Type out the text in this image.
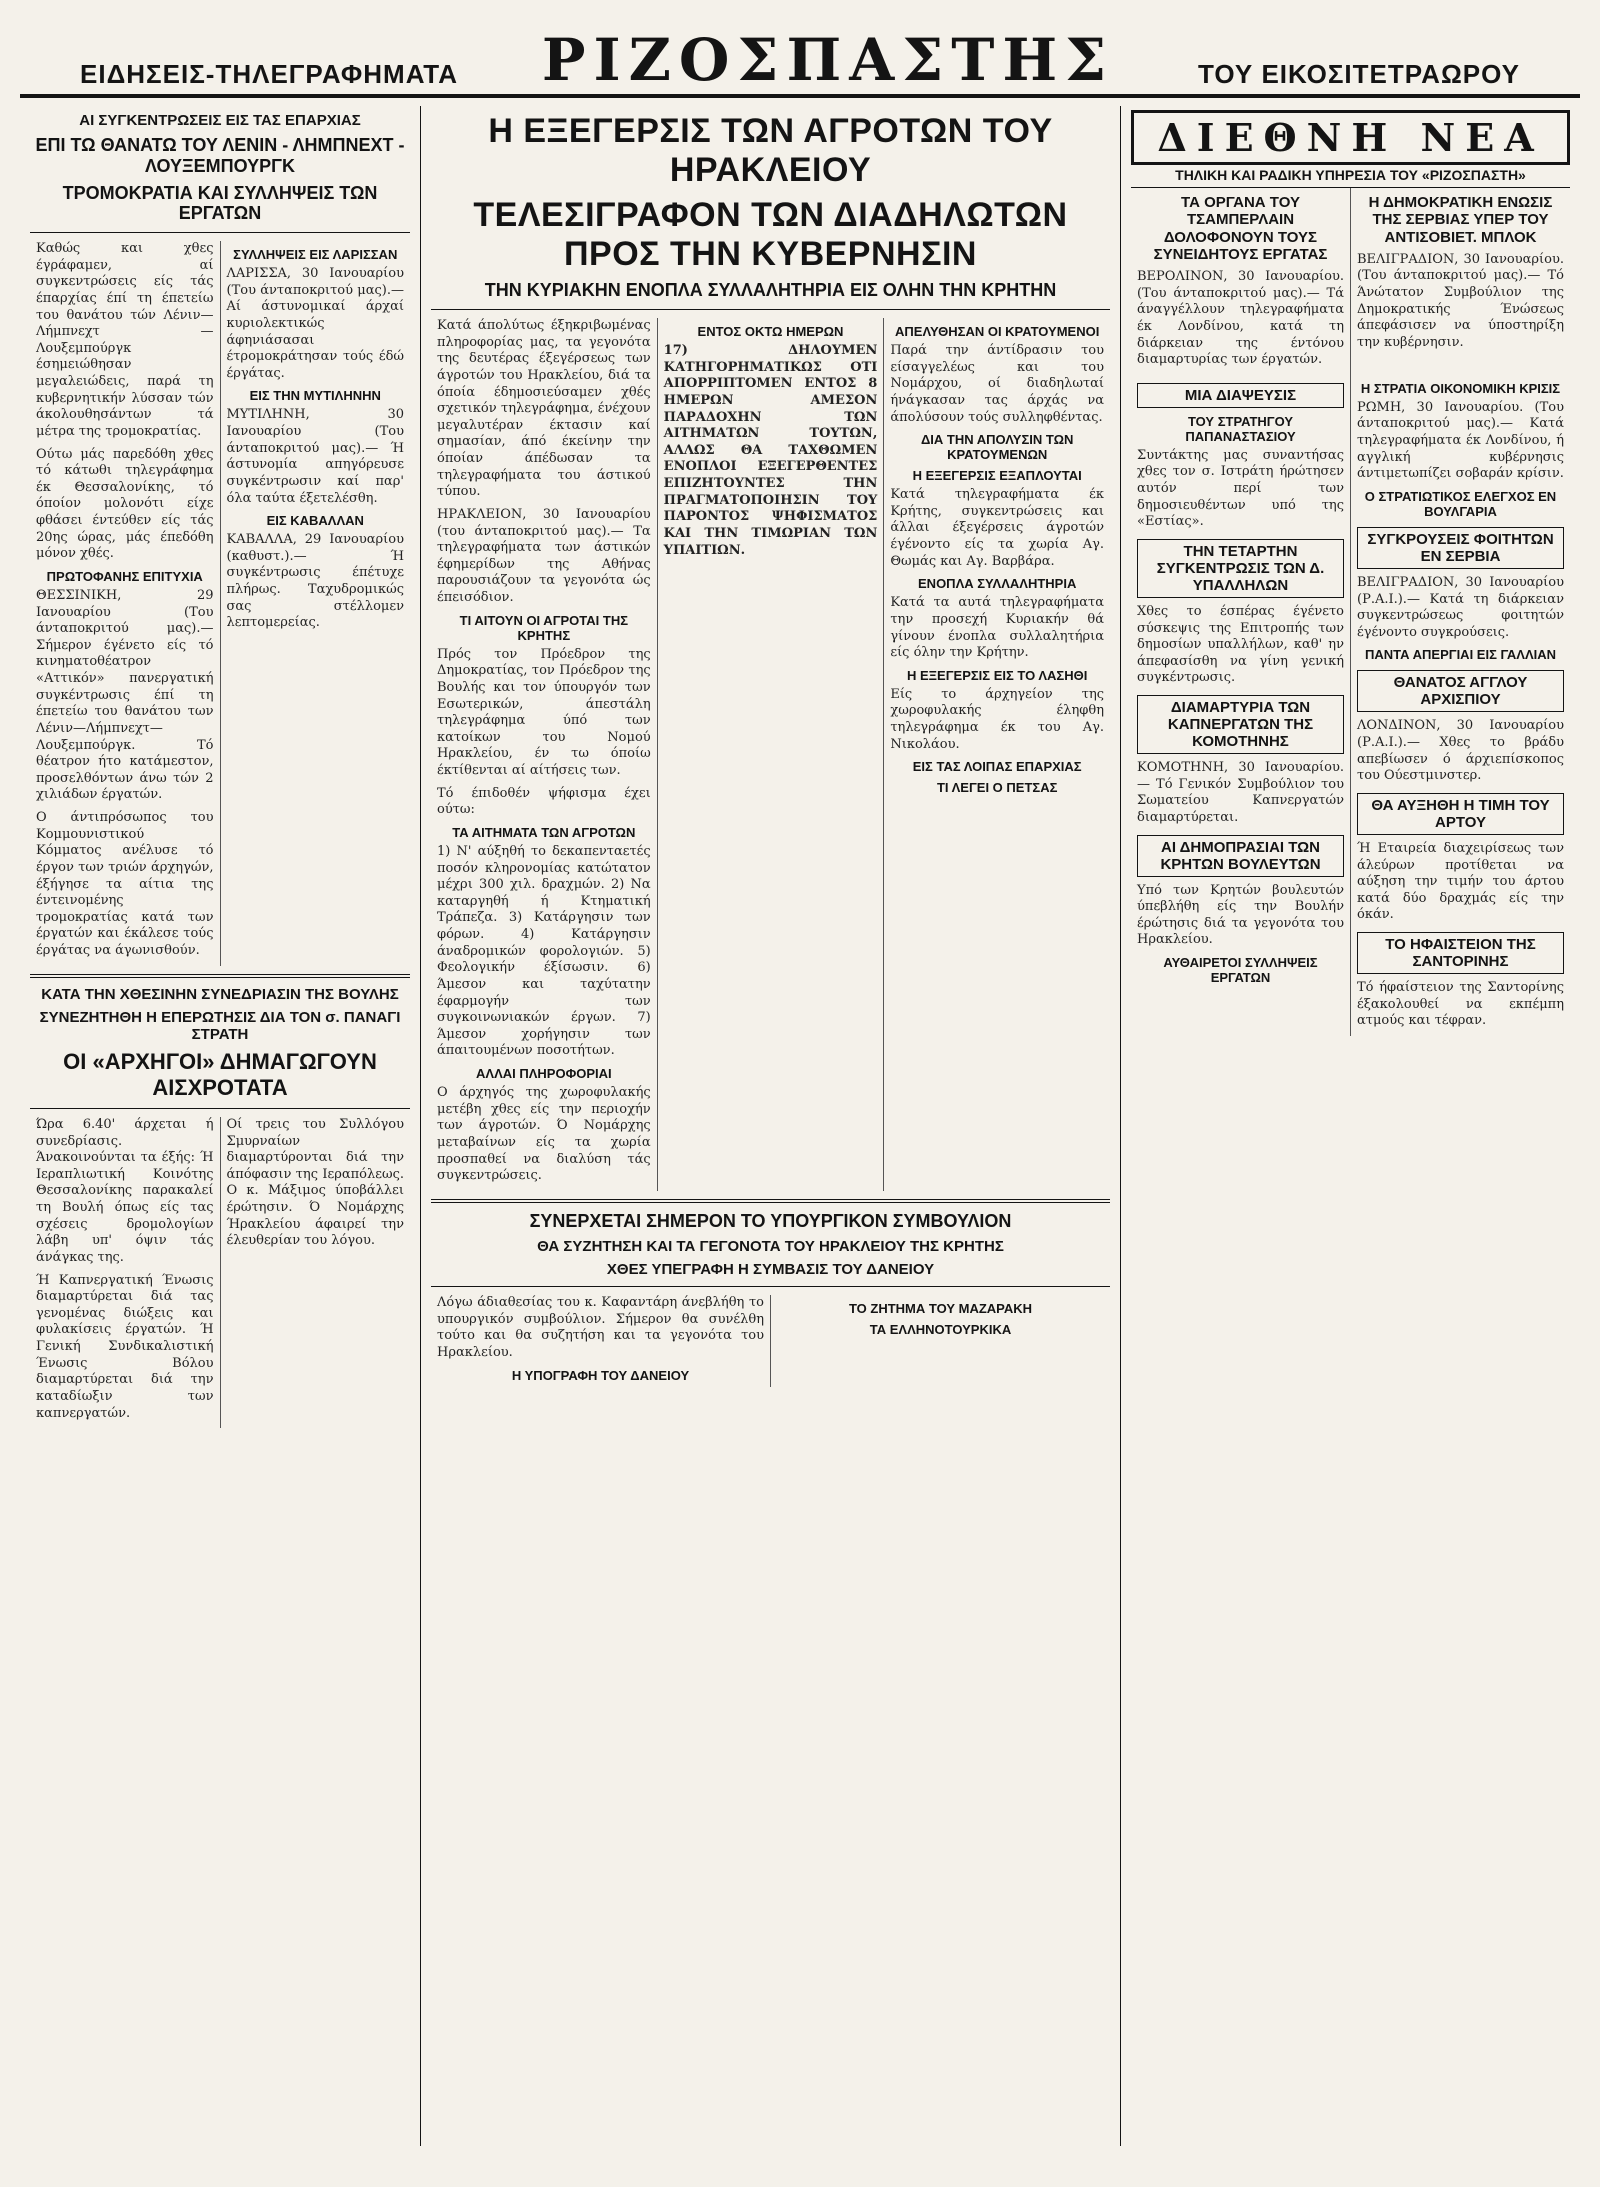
ΕΙΔΗΣΕΙΣ-ΤΗΛΕΓΡΑΦΗΜΑΤΑ ΡΙΖΟΣΠΑΣΤΗΣ	ΤΟΥ ΕΙΚΟΣΙΤΕΤΡΑΩΡΟΥ
ΑΙ ΣΥΓΚΕΝΤΡΩΣΕΙΣ ΕΙΣ ΤΑΣ ΕΠΑΡΧΙΑΣ
ΕΠΙ ΤΩ ΘΑΝΑΤΩ ΤΟΥ ΛΕΝΙΝ - ΛΗΜΠΝΕΧΤ - ΛΟΥΞΕΜΠΟΥΡΓΚ
ΤΡΟΜΟΚΡΑΤΙΑ ΚΑΙ ΣΥΛΛΗΨΕΙΣ ΤΩΝ ΕΡΓΑΤΩΝ

Καθώς και χθες έγράφαμεν, αί συγκεντρώσεις είς τάς έπαρχίας έπί τη έπετείω του θανάτου τών Λένιν—Λήμπνεχτ — Λουξεμπούργκ έσημειώθησαν μεγαλειώδεις, παρά τη κυβερνητικήν λύσσαν τών άκολουθησάντων τά μέτρα της τρομοκρατίας.

Ούτω μάς παρεδόθη χθες τό κάτωθι τηλεγράφημα έκ Θεσσαλονίκης, τό όποίον μολονότι είχε φθάσει έντεύθεν είς τάς 20ης ώρας, μάς έπεδόθη μόνον χθές.

ΠΡΩΤΟΦΑΝΗΣ ΕΠΙΤΥΧΙΑ

ΘΕΣΣΙΝΙΚΗ, 29 Ιανουαρίου (Του άνταποκριτού μας).— Σήμερον έγένετο είς τό κινηματοθέατρον «Αττικόν» πανεργατική συγκέντρωσις έπί τη έπετείω του θανάτου των Λένιν—Λήμπνεχτ—Λουξεμπούργκ. Τό θέατρον ήτο κατάμεστον, προσελθόντων άνω τών 2 χιλιάδων έργατών.

Ο άντιπρόσωπος του Κομμουνιστικού Κόμματος ανέλυσε τό έργον των τριών άρχηγών, έξήγησε τα αίτια της έντεινομένης τρομοκρατίας κατά των έργατών και έκάλεσε τούς έργάτας να άγωνισθούν.

ΣΥΛΛΗΨΕΙΣ ΕΙΣ ΛΑΡΙΣΣΑΝ

ΛΑΡΙΣΣΑ, 30 Ιανουαρίου (Του άνταποκριτού μας).— Αί άστυνομικαί άρχαί κυριολεκτικώς άφηνιάσασαι έτρομοκράτησαν τούς έδώ έργάτας.

ΕΙΣ ΤΗΝ ΜΥΤΙΛΗΝΗΝ

ΜΥΤΙΛΗΝΗ, 30 Ιανουαρίου (Του άνταποκριτού μας).— Ή άστυνομία απηγόρευσε συγκέντρωσιν καί παρ' όλα ταύτα έξετελέσθη.

ΕΙΣ ΚΑΒΑΛΛΑΝ

ΚΑΒΑΛΛΑ, 29 Ιανουαρίου (καθυστ.).— Ή συγκέντρωσις έπέτυχε πλήρως. Ταχυδρομικώς σας στέλλομεν λεπτομερείας.

ΚΑΤΑ ΤΗΝ ΧΘΕΣΙΝΗΝ ΣΥΝΕΔΡΙΑΣΙΝ ΤΗΣ ΒΟΥΛΗΣ
ΣΥΝΕΖΗΤΗΘΗ Η ΕΠΕΡΩΤΗΣΙΣ ΔΙΑ ΤΟΝ σ. ΠΑΝΑΓΙ ΣΤΡΑΤΗ
ΟΙ «ΑΡΧΗΓΟΙ» ΔΗΜΑΓΩΓΟΥΝ ΑΙΣΧΡΟΤΑΤΑ

Ώρα 6.40' άρχεται ή συνεδρίασις. Άνακοινούνται τα έξής: Ή Ιεραπλιωτική Κοινότης Θεσσαλονίκης παρακαλεί τη Βουλή όπως είς τας σχέσεις δρομολογίων λάβη υπ' όψιν τάς άνάγκας της.

Ή Καπνεργατική Ένωσις διαμαρτύρεται διά τας γενομένας διώξεις και φυλακίσεις έργατών. Ή Γενική Συνδικαλιστική Ένωσις Βόλου διαμαρτύρεται διά την καταδίωξιν των καπνεργατών.

Οί τρεις του Συλλόγου Σμυρναίων διαμαρτύρονται διά την άπόφασιν της Ιεραπόλεως. Ο κ. Μάξιμος ύποβάλλει έρώτησιν. Ό Νομάρχης Ήρακλείου άφαιρεί την έλευθερίαν του λόγου.

Η ΕΞΕΓΕΡΣΙΣ ΤΩΝ ΑΓΡΟΤΩΝ ΤΟΥ ΗΡΑΚΛΕΙΟΥ
ΤΕΛΕΣΙΓΡΑΦΟΝ ΤΩΝ ΔΙΑΔΗΛΩΤΩΝ ΠΡΟΣ ΤΗΝ ΚΥΒΕΡΝΗΣΙΝ
ΤΗΝ ΚΥΡΙΑΚΗΝ ΕΝΟΠΛΑ ΣΥΛΛΑΛΗΤΗΡΙΑ ΕΙΣ ΟΛΗΝ ΤΗΝ ΚΡΗΤΗΝ

Κατά άπολύτως έξηκριβωμένας πληροφορίας μας, τα γεγονότα της δευτέρας έξεγέρσεως των άγροτών του Ηρακλείου, διά τα όποία έδημοσιεύσαμεν χθές σχετικόν τηλεγράφημα, ένέχουν μεγαλυτέραν έκτασιν καί σημασίαν, άπό έκείνην την όποίαν άπέδωσαν τα τηλεγραφήματα του άστικού τύπου.

ΗΡΑΚΛΕΙΟΝ, 30 Ιανουαρίου (του άνταποκριτού μας).— Τα τηλεγραφήματα των άστικών έφημερίδων της Αθήνας παρουσιάζουν τα γεγονότα ώς έπεισόδιον.

ΤΙ ΑΙΤΟΥΝ ΟΙ ΑΓΡΟΤΑΙ ΤΗΣ ΚΡΗΤΗΣ

Πρός τον Πρόεδρον της Δημοκρατίας, τον Πρόεδρον της Βουλής και τον ύπουργόν των Εσωτερικών, άπεστάλη τηλεγράφημα ύπό των κατοίκων του Νομού Ηρακλείου, έν τω όποίω έκτίθενται αί αίτήσεις των.

Τό έπιδοθέν ψήφισμα έχει ούτω:

ΤΑ ΑΙΤΗΜΑΤΑ ΤΩΝ ΑΓΡΟΤΩΝ

1) Ν' αύξηθή το δεκαπενταετές ποσόν κληρονομίας κατώτατον μέχρι 300 χιλ. δραχμών. 2) Να καταργηθή ή Κτηματική Τράπεζα. 3) Κατάργησιν των φόρων. 4) Κατάργησιν άναδρομικών φορολογιών. 5) Φεολογικήν έξίσωσιν. 6) Άμεσον και ταχύτατην έφαρμογήν των συγκοινωνιακών έργων. 7) Άμεσον χορήγησιν των άπαιτουμένων ποσοτήτων.

ΑΛΛΑΙ ΠΛΗΡΟΦΟΡΙΑΙ

Ο άρχηγός της χωροφυλακής μετέβη χθες είς την περιοχήν των άγροτών. Ό Νομάρχης μεταβαίνων είς τα χωρία προσπαθεί να διαλύση τάς συγκεντρώσεις.

ΕΝΤΟΣ ΟΚΤΩ ΗΜΕΡΩΝ

17) ΔΗΛΟΥΜΕΝ ΚΑΤΗΓΟΡΗΜΑΤΙΚΩΣ ΟΤΙ ΑΠΟΡΡΙΠΤΟΜΕΝ ΕΝΤΟΣ 8 ΗΜΕΡΩΝ ΑΜΕΣΟΝ ΠΑΡΑΔΟΧΗΝ ΤΩΝ ΑΙΤΗΜΑΤΩΝ ΤΟΥΤΩΝ, ΑΛΛΩΣ ΘΑ ΤΑΧΘΩΜΕΝ ΕΝΟΠΛΟΙ ΕΞΕΓΕΡΘΕΝΤΕΣ ΕΠΙΖΗΤΟΥΝΤΕΣ ΤΗΝ ΠΡΑΓΜΑΤΟΠΟΙΗΣΙΝ ΤΟΥ ΠΑΡΟΝΤΟΣ ΨΗΦΙΣΜΑΤΟΣ ΚΑΙ ΤΗΝ ΤΙΜΩΡΙΑΝ ΤΩΝ ΥΠΑΙΤΙΩΝ.

ΑΠΕΛΥΘΗΣΑΝ ΟΙ ΚΡΑΤΟΥΜΕΝΟΙ

Παρά την άντίδρασιν του είσαγγελέως και του Νομάρχου, οί διαδηλωταί ήνάγκασαν τας άρχάς να άπολύσουν τούς συλληφθέντας.

ΔΙΑ ΤΗΝ ΑΠΟΛΥΣΙΝ ΤΩΝ ΚΡΑΤΟΥΜΕΝΩΝ
Η ΕΞΕΓΕΡΣΙΣ ΕΞΑΠΛΟΥΤΑΙ

Κατά τηλεγραφήματα έκ Κρήτης, συγκεντρώσεις και άλλαι έξεγέρσεις άγροτών έγένοντο είς τα χωρία Αγ. Θωμάς και Αγ. Βαρβάρα.

ΕΝΟΠΛΑ ΣΥΛΛΑΛΗΤΗΡΙΑ

Κατά τα αυτά τηλεγραφήματα την προσεχή Κυριακήν θά γίνουν ένοπλα συλλαλητήρια είς όλην την Κρήτην.

Η ΕΞΕΓΕΡΣΙΣ ΕΙΣ ΤΟ ΛΑΣΗΘΙ

Είς το άρχηγείον της χωροφυλακής έληφθη τηλεγράφημα έκ του Αγ. Νικολάου.

ΕΙΣ ΤΑΣ ΛΟΙΠΑΣ ΕΠΑΡΧΙΑΣ
ΤΙ ΛΕΓΕΙ Ο ΠΕΤΣΑΣ
ΣΥΝΕΡΧΕΤΑΙ ΣΗΜΕΡΟΝ ΤΟ ΥΠΟΥΡΓΙΚΟΝ ΣΥΜΒΟΥΛΙΟΝ
ΘΑ ΣΥΖΗΤΗΣΗ ΚΑΙ ΤΑ ΓΕΓΟΝΟΤΑ ΤΟΥ ΗΡΑΚΛΕΙΟΥ ΤΗΣ ΚΡΗΤΗΣ
ΧΘΕΣ ΥΠΕΓΡΑΦΗ Η ΣΥΜΒΑΣΙΣ ΤΟΥ ΔΑΝΕΙΟΥ

Λόγω άδιαθεσίας του κ. Καφαντάρη άνεβλήθη το υπουργικόν συμβούλιον. Σήμερον θα συνέλθη τούτο και θα συζητήση και τα γεγονότα του Ηρακλείου.

Η ΥΠΟΓΡΑΦΗ ΤΟΥ ΔΑΝΕΙΟΥ
ΤΟ ΖΗΤΗΜΑ ΤΟΥ ΜΑΖΑΡΑΚΗ
ΤΑ ΕΛΛΗΝΟΤΟΥΡΚΙΚΑ
ΔΙΕΘΝΗ ΝΕΑ
ΤΗΛΙΚΗ ΚΑΙ ΡΑΔΙΚΗ ΥΠΗΡΕΣΙΑ ΤΟΥ «ΡΙΖΟΣΠΑΣΤΗ»
ΤΑ ΟΡΓΑΝΑ ΤΟΥ ΤΣΑΜΠΕΡΛΑΙΝ ΔΟΛΟΦΟΝΟΥΝ ΤΟΥΣ ΣΥΝΕΙΔΗΤΟΥΣ ΕΡΓΑΤΑΣ

ΒΕΡΟΛΙΝΟΝ, 30 Ιανουαρίου. (Του άνταποκριτού μας).— Τά άναγγέλλουν τηλεγραφήματα έκ Λονδίνου, κατά τη διάρκειαν της έντόνου διαμαρτυρίας των έργατών.

Η ΔΗΜΟΚΡΑΤΙΚΗ ΕΝΩΣΙΣ ΤΗΣ ΣΕΡΒΙΑΣ ΥΠΕΡ ΤΟΥ ΑΝΤΙΣΟΒΙΕΤ. ΜΠΛΟΚ

ΒΕΛΙΓΡΑΔΙΟΝ, 30 Ιανουαρίου. (Του άνταποκριτού μας).— Τό Άνώτατον Συμβούλιον της Δημοκρατικής Ένώσεως άπεφάσισεν να ύποστηρίξη την κυβέρνησιν.

ΜΙΑ ΔΙΑΨΕΥΣΙΣ
ΤΟΥ ΣΤΡΑΤΗΓΟΥ ΠΑΠΑΝΑΣΤΑΣΙΟΥ

Συντάκτης μας συναντήσας χθες τον σ. Ιστράτη ήρώτησεν αυτόν περί των δημοσιευθέντων υπό της «Εστίας».

ΤΗΝ ΤΕΤΑΡΤΗΝ ΣΥΓΚΕΝΤΡΩΣΙΣ ΤΩΝ Δ. ΥΠΑΛΛΗΛΩΝ

Χθες το έσπέρας έγένετο σύσκεψις της Επιτροπής των δημοσίων υπαλλήλων, καθ' ην άπεφασίσθη να γίνη γενική συγκέντρωσις.

ΔΙΑΜΑΡΤΥΡΙΑ ΤΩΝ ΚΑΠΝΕΡΓΑΤΩΝ ΤΗΣ ΚΟΜΟΤΗΝΗΣ

ΚΟΜΟΤΗΝΗ, 30 Ιανουαρίου.— Τό Γενικόν Συμβούλιον του Σωματείου Καπνεργατών διαμαρτύρεται.

ΑΙ ΔΗΜΟΠΡΑΣΙΑΙ ΤΩΝ ΚΡΗΤΩΝ ΒΟΥΛΕΥΤΩΝ

Υπό των Κρητών βουλευτών ύπεβλήθη είς την Βουλήν έρώτησις διά τα γεγονότα του Ηρακλείου.

ΑΥΘΑΙΡΕΤΟΙ ΣΥΛΛΗΨΕΙΣ ΕΡΓΑΤΩΝ
Η ΣΤΡΑΤΙΑ ΟΙΚΟΝΟΜΙΚΗ ΚΡΙΣΙΣ

ΡΩΜΗ, 30 Ιανουαρίου. (Του άνταποκριτού μας).— Κατά τηλεγραφήματα έκ Λονδίνου, ή αγγλική κυβέρνησις άντιμετωπίζει σοβαράν κρίσιν.

Ο ΣΤΡΑΤΙΩΤΙΚΟΣ ΕΛΕΓΧΟΣ ΕΝ ΒΟΥΛΓΑΡΙΑ
ΣΥΓΚΡΟΥΣΕΙΣ ΦΟΙΤΗΤΩΝ ΕΝ ΣΕΡΒΙΑ

ΒΕΛΙΓΡΑΔΙΟΝ, 30 Ιανουαρίου (Ρ.Α.Ι.).— Κατά τη διάρκειαν συγκεντρώσεως φοιτητών έγένοντο συγκρούσεις.

ΠΑΝΤΑ ΑΠΕΡΓΙΑΙ ΕΙΣ ΓΑΛΛΙΑΝ
ΘΑΝΑΤΟΣ ΑΓΓΛΟΥ ΑΡΧΙΣΠΙΟΥ

ΛΟΝΔΙΝΟΝ, 30 Ιανουαρίου (Ρ.Α.Ι.).— Χθες το βράδυ απεβίωσεν ό άρχιεπίσκοπος του Ούεστμινστερ.

ΘΑ ΑΥΞΗΘΗ Η ΤΙΜΗ ΤΟΥ ΑΡΤΟΥ

Ή Εταιρεία διαχειρίσεως των άλεύρων προτίθεται να αύξηση την τιμήν του άρτου κατά δύο δραχμάς είς την όκάν.

ΤΟ ΗΦΑΙΣΤΕΙΟΝ ΤΗΣ ΣΑΝΤΟΡΙΝΗΣ

Τό ήφαίστειον της Σαντορίνης έξακολουθεί να εκπέμπη ατμούς και τέφραν.
